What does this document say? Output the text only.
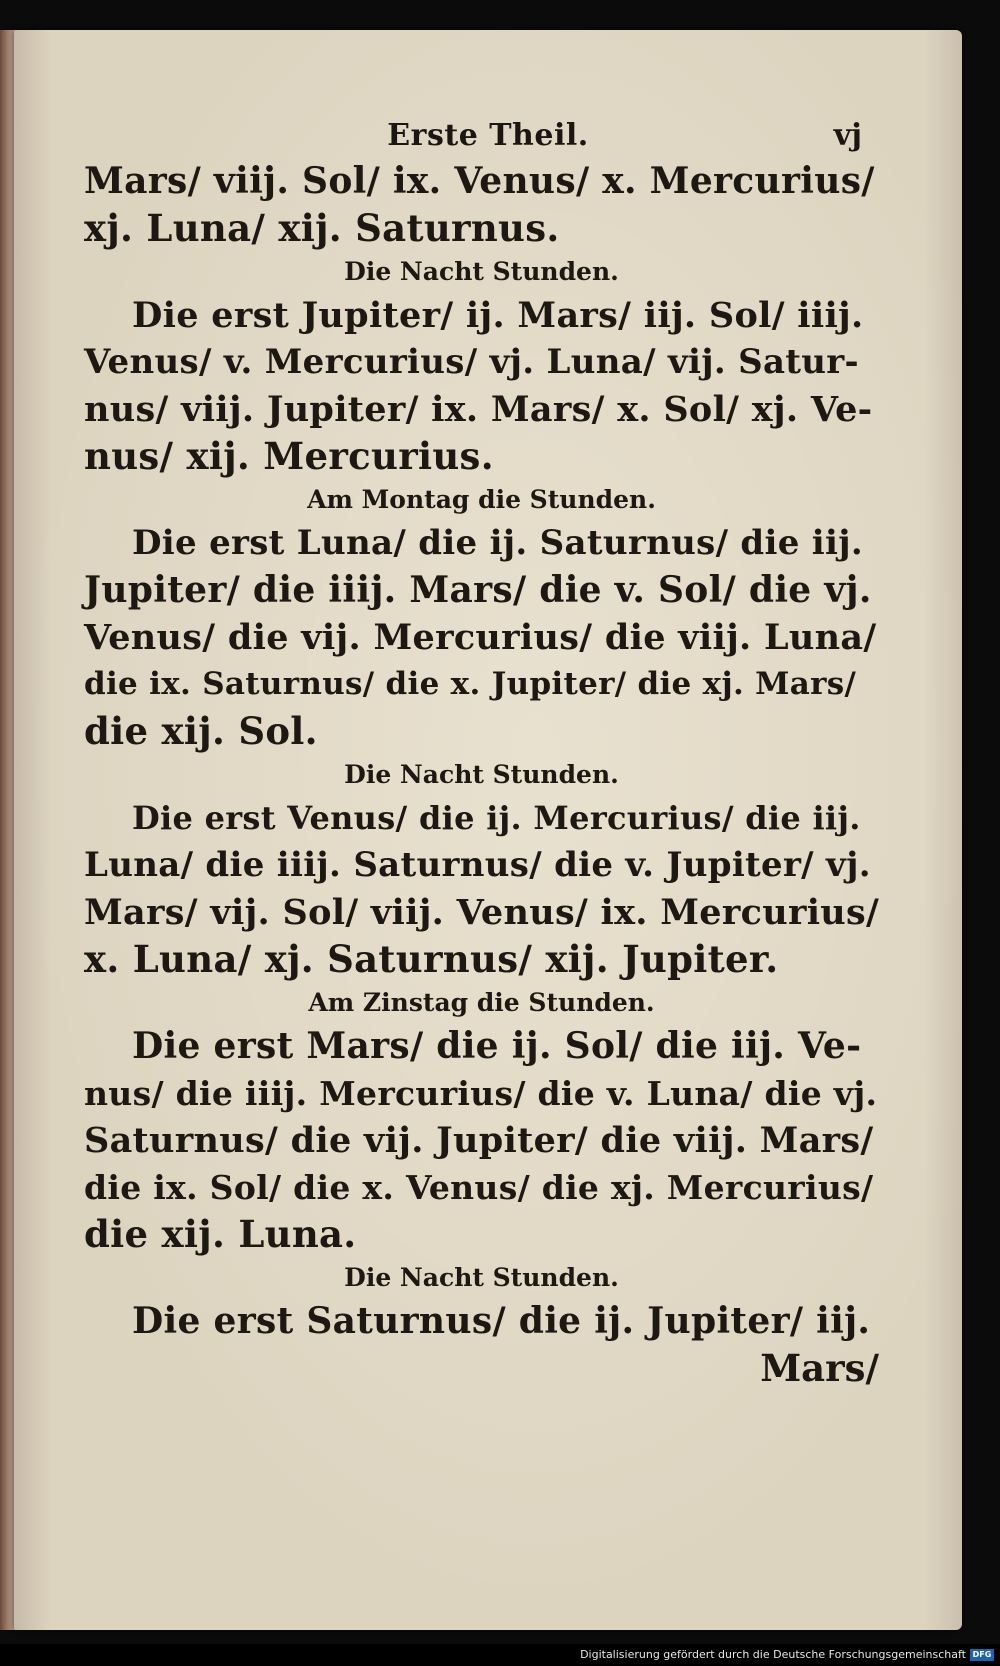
Erste Theil.	vj
Mars/ viij. Sol/ ix. Venus/ x. Mercurius/
xj. Luna/ xij. Saturnus.
Die Nacht Stunden.
Die erst Jupiter/ ij. Mars/ iij. Sol/ iiij.
Venus/ v. Mercurius/ vj. Luna/ vij. Satur-
nus/ viij. Jupiter/ ix. Mars/ x. Sol/ xj. Ve-
nus/ xij. Mercurius.
Am Montag die Stunden.
Die erst Luna/ die ij. Saturnus/ die iij.
Jupiter/ die iiij. Mars/ die v. Sol/ die vj.
Venus/ die vij. Mercurius/ die viij. Luna/
die ix. Saturnus/ die x. Jupiter/ die xj. Mars/
die xij. Sol.
Die Nacht Stunden.
Die erst Venus/ die ij. Mercurius/ die iij.
Luna/ die iiij. Saturnus/ die v. Jupiter/ vj.
Mars/ vij. Sol/ viij. Venus/ ix. Mercurius/
x. Luna/ xj. Saturnus/ xij. Jupiter.
Am Zinstag die Stunden.
Die erst Mars/ die ij. Sol/ die iij. Ve-
nus/ die iiij. Mercurius/ die v. Luna/ die vj.
Saturnus/ die vij. Jupiter/ die viij. Mars/
die ix. Sol/ die x. Venus/ die xj. Mercurius/
die xij. Luna.
Die Nacht Stunden.
Die erst Saturnus/ die ij. Jupiter/ iij.
Mars/
Digitalisierung gefördert durch die Deutsche Forschungsgemeinschaft DFG
